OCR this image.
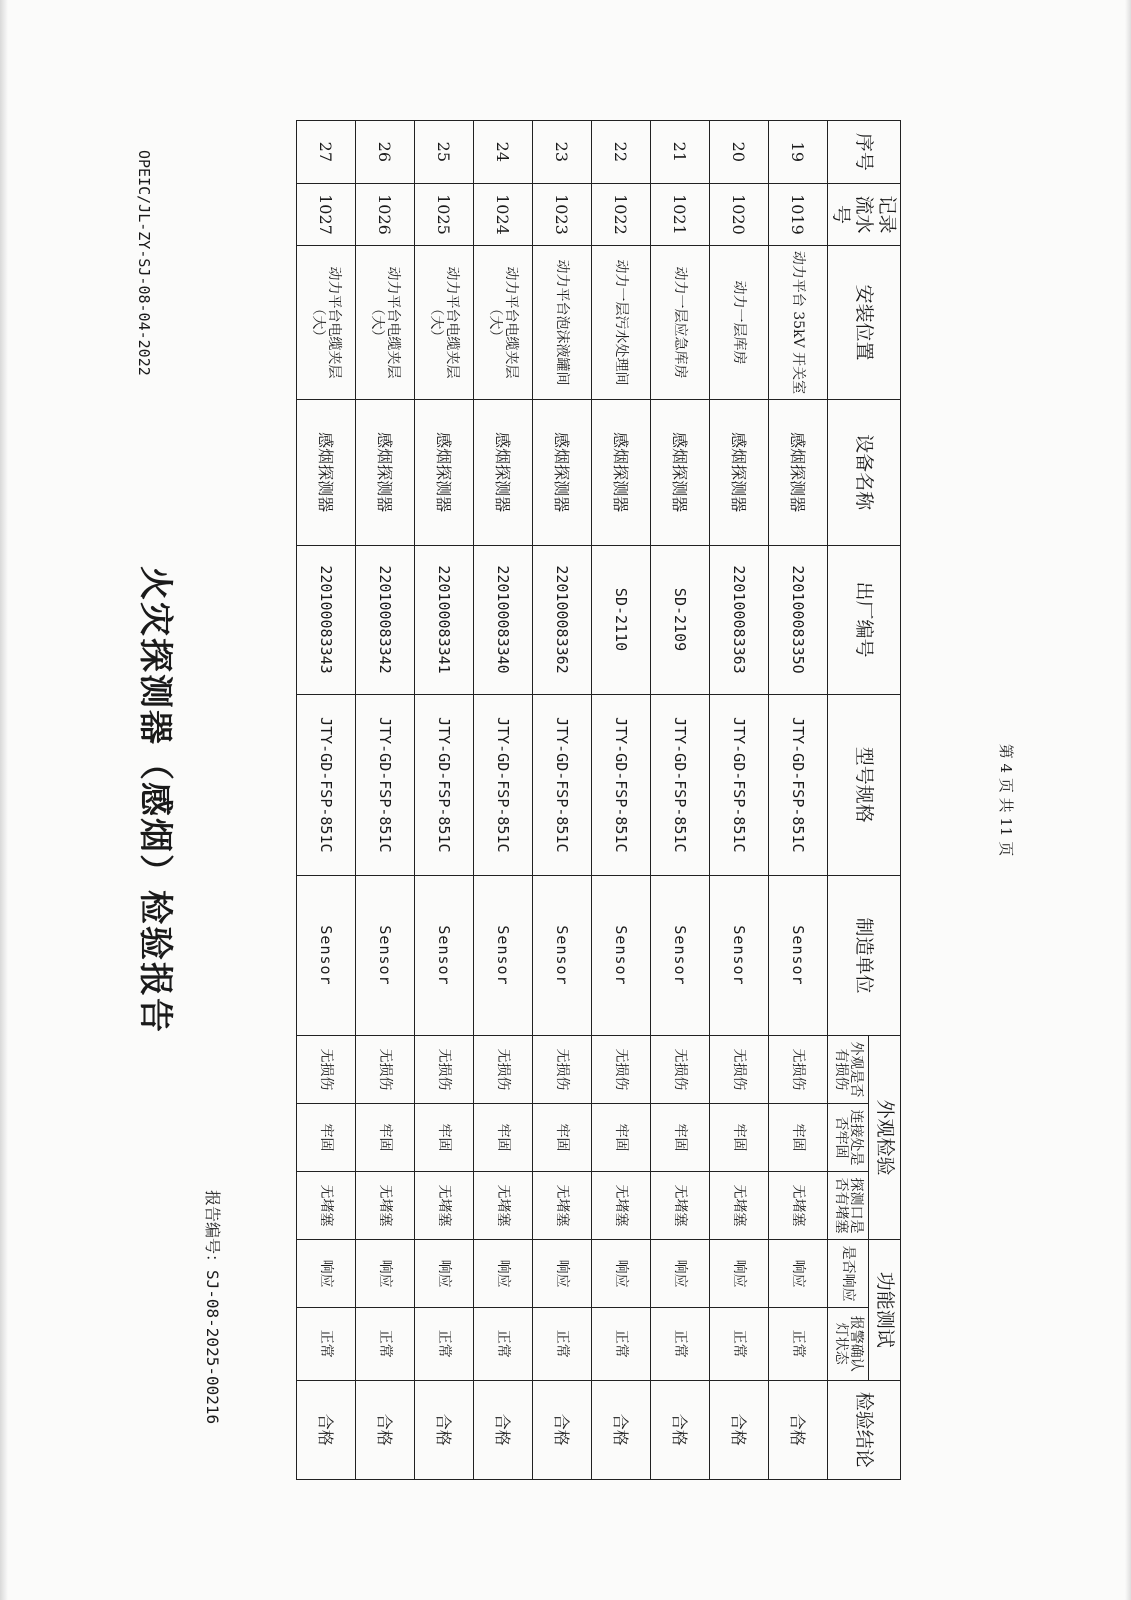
火灾探测器（感烟）检验报告
报告编号：SJ-08-2025-00216
OPEIC/JL-ZY-SJ-08-04-2022	序号	记录流水号	安装位置	设备名称	出厂编号	型号规格	制造单位	外观检验			功能测试		检验结论
							外观是否有损伤	连接处是否牢固	探测口是否有堵塞	是否响应	报警确认灯状态	
19	1019	动力平台 35kV 开关室	感烟探测器	22010008335O	JTY-GD-FSP-851C	Sensor	无损伤	牢固	无堵塞	响应	正常	合格
20	1020	动力一层库房	感烟探测器	220100083363	JTY-GD-FSP-851C	Sensor	无损伤	牢固	无堵塞	响应	正常	合格
21	1021	动力一层应急库房	感烟探测器	SD-2109	JTY-GD-FSP-851C	Sensor	无损伤	牢固	无堵塞	响应	正常	合格
22	1022	动力一层污水处理间	感烟探测器	SD-2110	JTY-GD-FSP-851C	Sensor	无损伤	牢固	无堵塞	响应	正常	合格
23	1023	动力平台泡沫液罐间	感烟探测器	220100083362	JTY-GD-FSP-851C	Sensor	无损伤	牢固	无堵塞	响应	正常	合格
24	1024	动力平台电缆夹层（大）	感烟探测器	220100083340	JTY-GD-FSP-851C	Sensor	无损伤	牢固	无堵塞	响应	正常	合格
25	1025	动力平台电缆夹层（大）	感烟探测器	220100083341	JTY-GD-FSP-851C	Sensor	无损伤	牢固	无堵塞	响应	正常	合格
26	1026	动力平台电缆夹层（大）	感烟探测器	220100083342	JTY-GD-FSP-851C	Sensor	无损伤	牢固	无堵塞	响应	正常	合格
27	1027	动力平台电缆夹层（大）	感烟探测器	220100083343	JTY-GD-FSP-851C	Sensor	无损伤	牢固	无堵塞	响应	正常	合格
第 4 页 共 11 页
